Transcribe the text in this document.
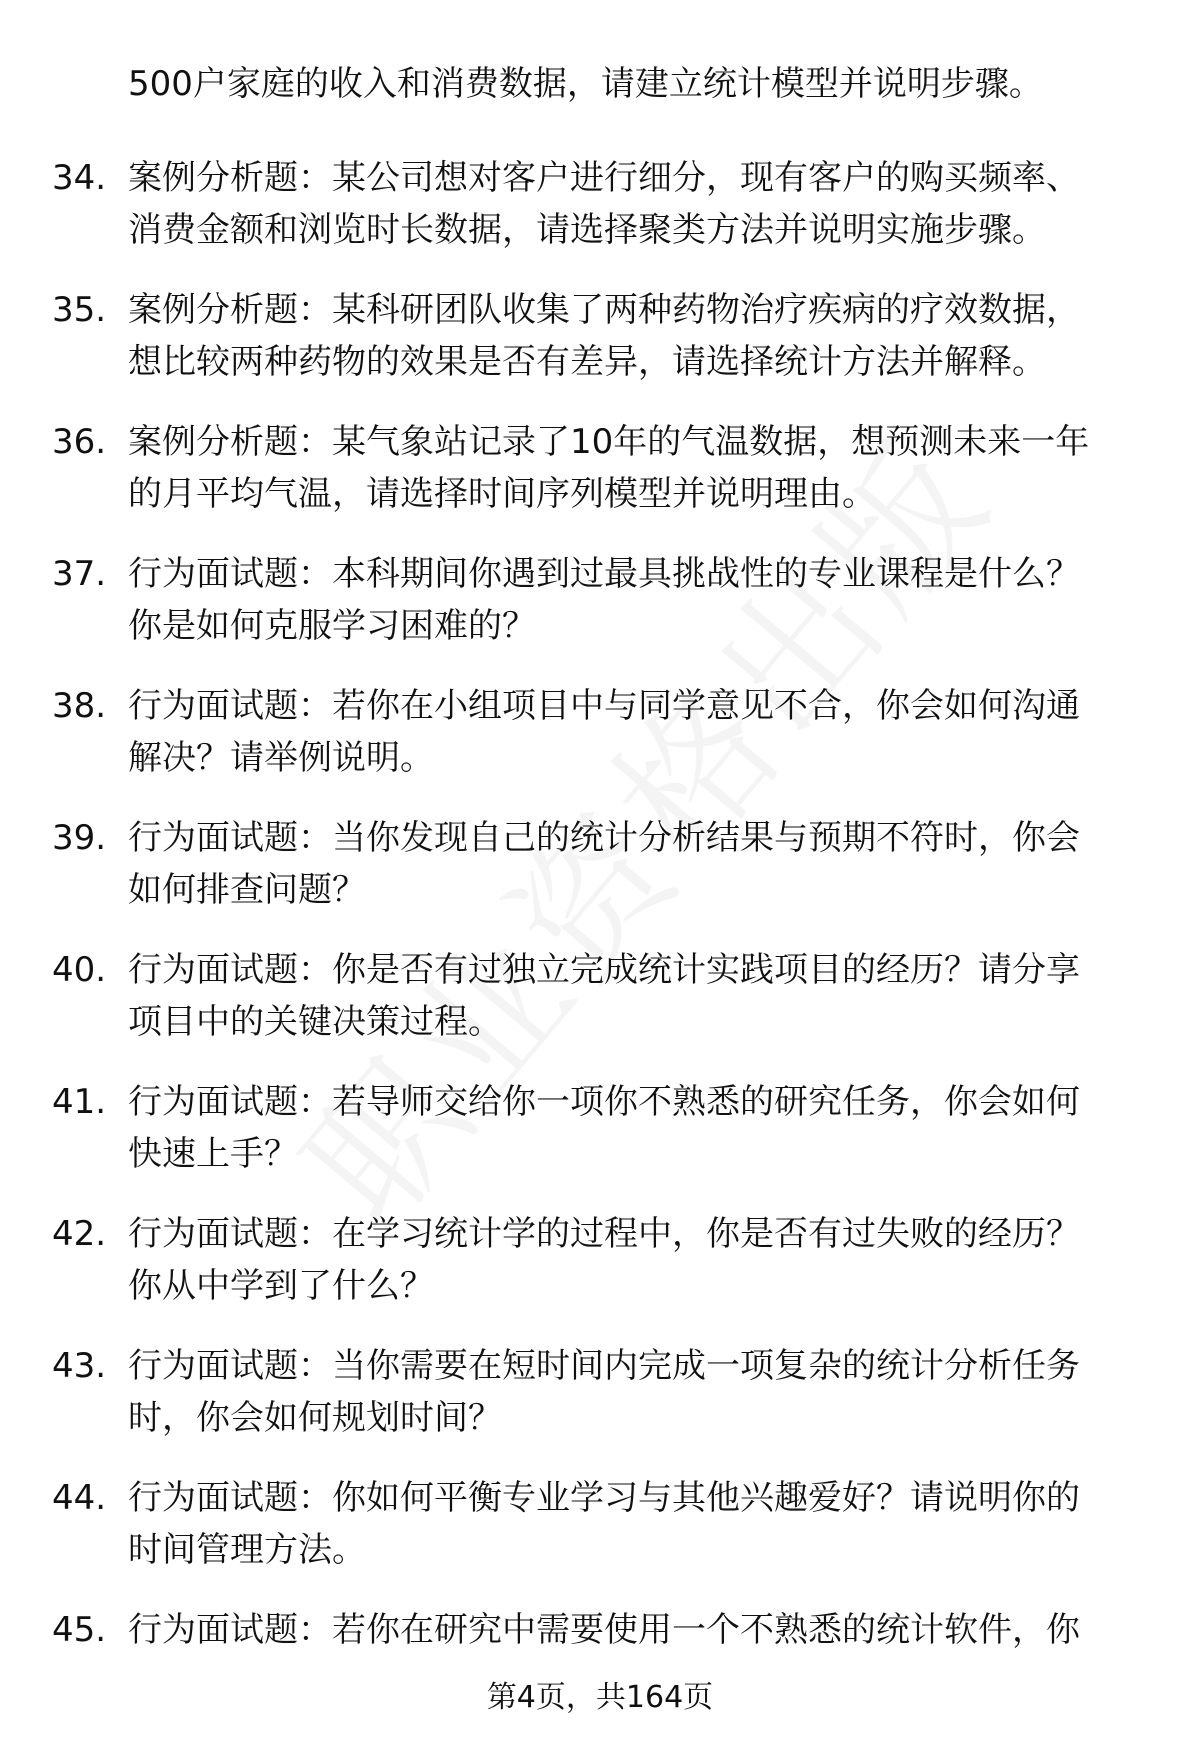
500户家庭的收入和消费数据，请建立统计模型并说明步骤。
34. 案例分析题：某公司想对客户进行细分，现有客户的购买频率、
消费金额和浏览时长数据，请选择聚类方法并说明实施步骤。
35. 案例分析题：某科研团队收集了两种药物治疗疾病的疗效数据，
想比较两种药物的效果是否有差异，请选择统计方法并解释。
36. 案例分析题：某气象站记录了10年的气温数据，想预测未来一年
的月平均气温，请选择时间序列模型并说明理由。
37. 行为面试题：本科期间你遇到过最具挑战性的专业课程是什么？
你是如何克服学习困难的？
38. 行为面试题：若你在小组项目中与同学意见不合，你会如何沟通
解决？请举例说明。
39. 行为面试题：当你发现自己的统计分析结果与预期不符时，你会
如何排查问题？
40. 行为面试题：你是否有过独立完成统计实践项目的经历？请分享
项目中的关键决策过程。
41. 行为面试题：若导师交给你一项你不熟悉的研究任务，你会如何
快速上手？
42. 行为面试题：在学习统计学的过程中，你是否有过失败的经历？
你从中学到了什么？
43. 行为面试题：当你需要在短时间内完成一项复杂的统计分析任务
时，你会如何规划时间？
44. 行为面试题：你如何平衡专业学习与其他兴趣爱好？请说明你的
时间管理方法。
45. 行为面试题：若你在研究中需要使用一个不熟悉的统计软件，你
第4页，共164页
